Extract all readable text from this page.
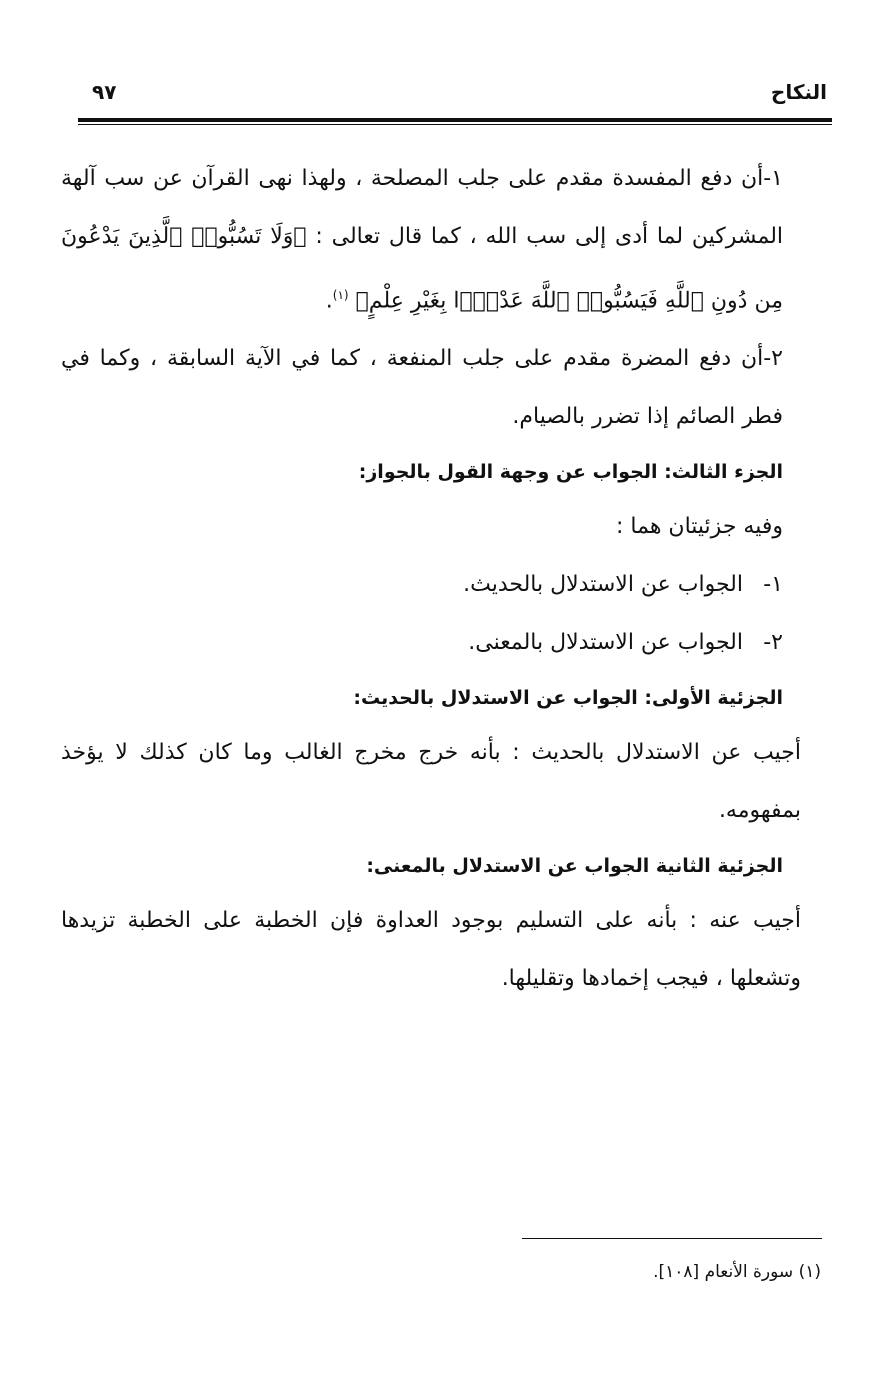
النكاح
٩٧

١-أن دفع المفسدة مقدم على جلب المصلحة ، ولهذا نهى القرآن عن سب آلهة المشركين لما أدى إلى سب الله ، كما قال تعالى : ﴿وَلَا تَسُبُّوا۟ ٱلَّذِينَ يَدْعُونَ مِن دُونِ ٱللَّهِ فَيَسُبُّوا۟ ٱللَّهَ عَدْوًۢا بِغَيْرِ عِلْمٍ﴾ $^{(١)}$.

٢-أن دفع المضرة مقدم على جلب المنفعة ، كما في الآية السابقة ، وكما في فطر الصائم إذا تضرر بالصيام.

الجزء الثالث: الجواب عن وجهة القول بالجواز:

وفيه جزئيتان هما :

١-الجواب عن الاستدلال بالحديث.

٢-الجواب عن الاستدلال بالمعنى.

الجزئية الأولى: الجواب عن الاستدلال بالحديث:

أجيب عن الاستدلال بالحديث : بأنه خرج مخرج الغالب وما كان كذلك لا يؤخذ بمفهومه.

الجزئية الثانية الجواب عن الاستدلال بالمعنى:

أجيب عنه : بأنه على التسليم بوجود العداوة فإن الخطبة على الخطبة تزيدها وتشعلها ، فيجب إخمادها وتقليلها.

(١) سورة الأنعام [١٠٨].
